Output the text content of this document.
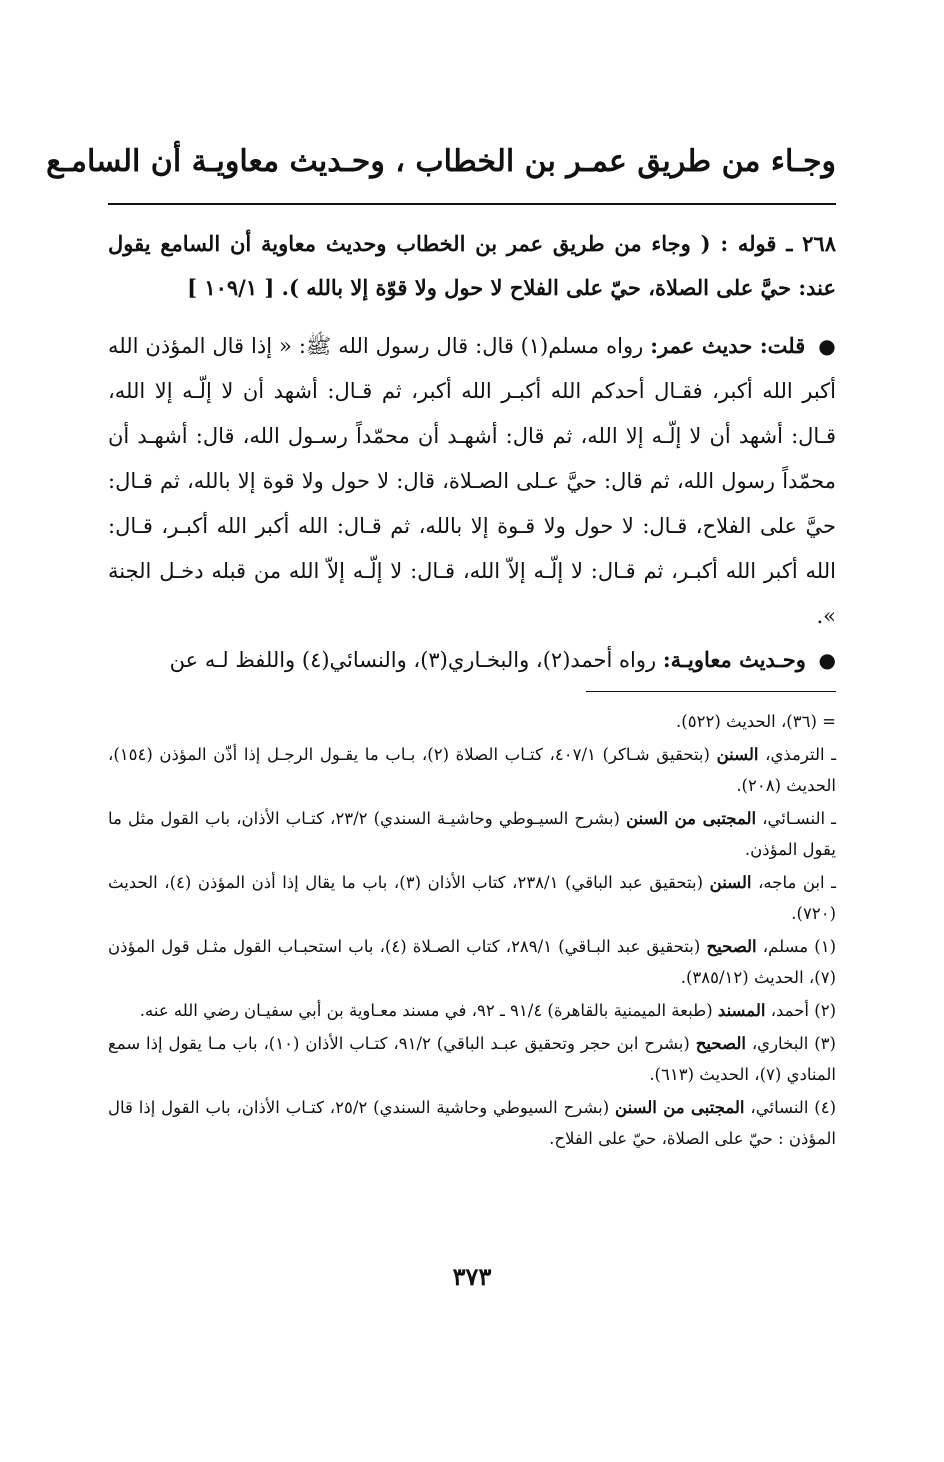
وجـاء من طريق عمـر بن الخطاب ، وحـديث معاويـة أن السامـع
٢٦٨ ـ قوله : ( وجاء من طريق عمر بن الخطاب وحديث معاوية أن السامع يقول عند: حيَّ على الصلاة، حيّ على الفلاح لا حول ولا قوّة إلا بالله ). [ ١٠٩/١ ]
● قلت: حديث عمر: رواه مسلم(١) قال: قال رسول الله ﷺ: « إذا قال المؤذن الله أكبر الله أكبر، فقـال أحدكم الله أكبـر الله أكبر، ثم قـال: أشهد أن لا إلّـه إلا الله، قـال: أشهد أن لا إلّـه إلا الله، ثم قال: أشهـد أن محمّداً رسـول الله، قال: أشهـد أن محمّداً رسول الله، ثم قال: حيَّ عـلى الصـلاة، قال: لا حول ولا قوة إلا بالله، ثم قـال: حيَّ على الفلاح، قـال: لا حول ولا قـوة إلا بالله، ثم قـال: الله أكبر الله أكبـر، قـال: الله أكبر الله أكبـر، ثم قـال: لا إلّـه إلاّ الله، قـال: لا إلّـه إلاّ الله من قبله دخـل الجنة ».
● وحـديث معاويـة: رواه أحمد(٢)، والبخـاري(٣)، والنسائي(٤) واللفظ لـه عن
= (٣٦)، الحديث (٥٢٢).
ـ الترمذي، السنن (بتحقيق شـاكر) ٤٠٧/١، كتـاب الصلاة (٢)، بـاب ما يقـول الرجـل إذا أذّن المؤذن (١٥٤)، الحديث (٢٠٨).
ـ النسـائي، المجتبى من السنن (بشرح السيـوطي وحاشيـة السندي) ٢٣/٢، كتـاب الأذان، باب القول مثل ما يقول المؤذن.
ـ ابن ماجه، السنن (بتحقيق عبد الباقي) ٢٣٨/١، كتاب الأذان (٣)، باب ما يقال إذا أذن المؤذن (٤)، الحديث (٧٢٠).
(١) مسلم، الصحيح (بتحقيق عبد البـاقي) ٢٨٩/١، كتاب الصـلاة (٤)، باب استحبـاب القول مثـل قول المؤذن (٧)، الحديث (٣٨٥/١٢).
(٢) أحمد، المسند (طبعة الميمنية بالقاهرة) ٩١/٤ ـ ٩٢، في مسند معـاوية بن أبي سفيـان رضي الله عنه.
(٣) البخاري، الصحيح (بشرح ابن حجر وتحقيق عبـد الباقي) ٩١/٢، كتـاب الأذان (١٠)، باب مـا يقول إذا سمع المنادي (٧)، الحديث (٦١٣).
(٤) النسائي، المجتبى من السنن (بشرح السيوطي وحاشية السندي) ٢٥/٢، كتـاب الأذان، باب القول إذا قال المؤذن : حيّ على الصلاة، حيّ على الفلاح.
٣٧٣
